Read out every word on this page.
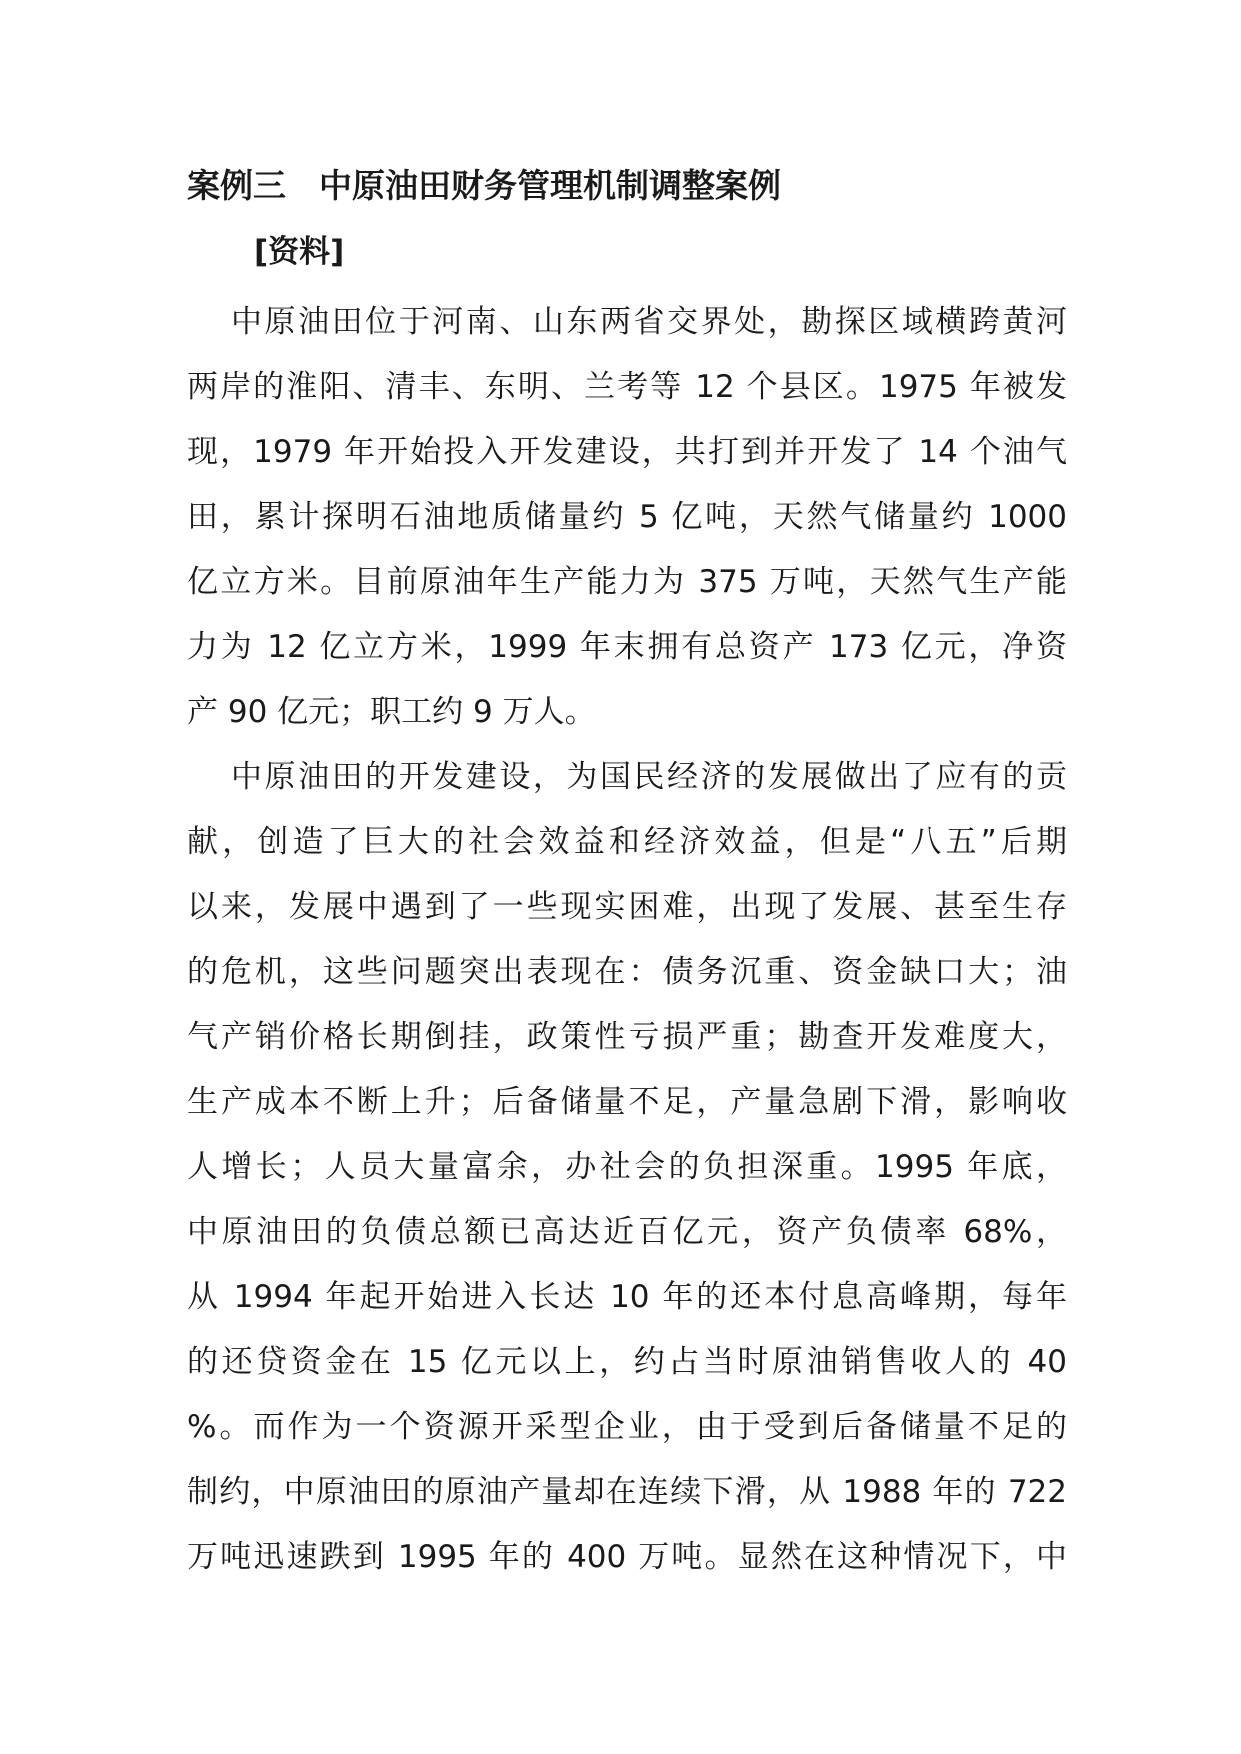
案例三　中原油田财务管理机制调整案例
[资料]
中原油田位于河南、山东两省交界处，勘探区域横跨黄河
两岸的淮阳、清丰、东明、兰考等 12 个县区。1975 年被发
现，1979 年开始投入开发建设，共打到并开发了 14 个油气
田，累计探明石油地质储量约 5 亿吨，天然气储量约 1000
亿立方米。目前原油年生产能力为 375 万吨，天然气生产能
力为 12 亿立方米，1999 年末拥有总资产 173 亿元，净资
产 90 亿元；职工约 9 万人。
中原油田的开发建设，为国民经济的发展做出了应有的贡
献，创造了巨大的社会效益和经济效益，但是“八五”后期
以来，发展中遇到了一些现实困难，出现了发展、甚至生存
的危机，这些问题突出表现在：债务沉重、资金缺口大；油
气产销价格长期倒挂，政策性亏损严重；勘查开发难度大，
生产成本不断上升；后备储量不足，产量急剧下滑，影响收
人增长；人员大量富余，办社会的负担深重。1995 年底，
中原油田的负债总额已高达近百亿元，资产负债率 68%，
从 1994 年起开始进入长达 10 年的还本付息高峰期，每年
的还贷资金在 15 亿元以上，约占当时原油销售收人的 40
%。而作为一个资源开采型企业，由于受到后备储量不足的
制约，中原油田的原油产量却在连续下滑，从 1988 年的 722
万吨迅速跌到 1995 年的 400 万吨。显然在这种情况下，中
